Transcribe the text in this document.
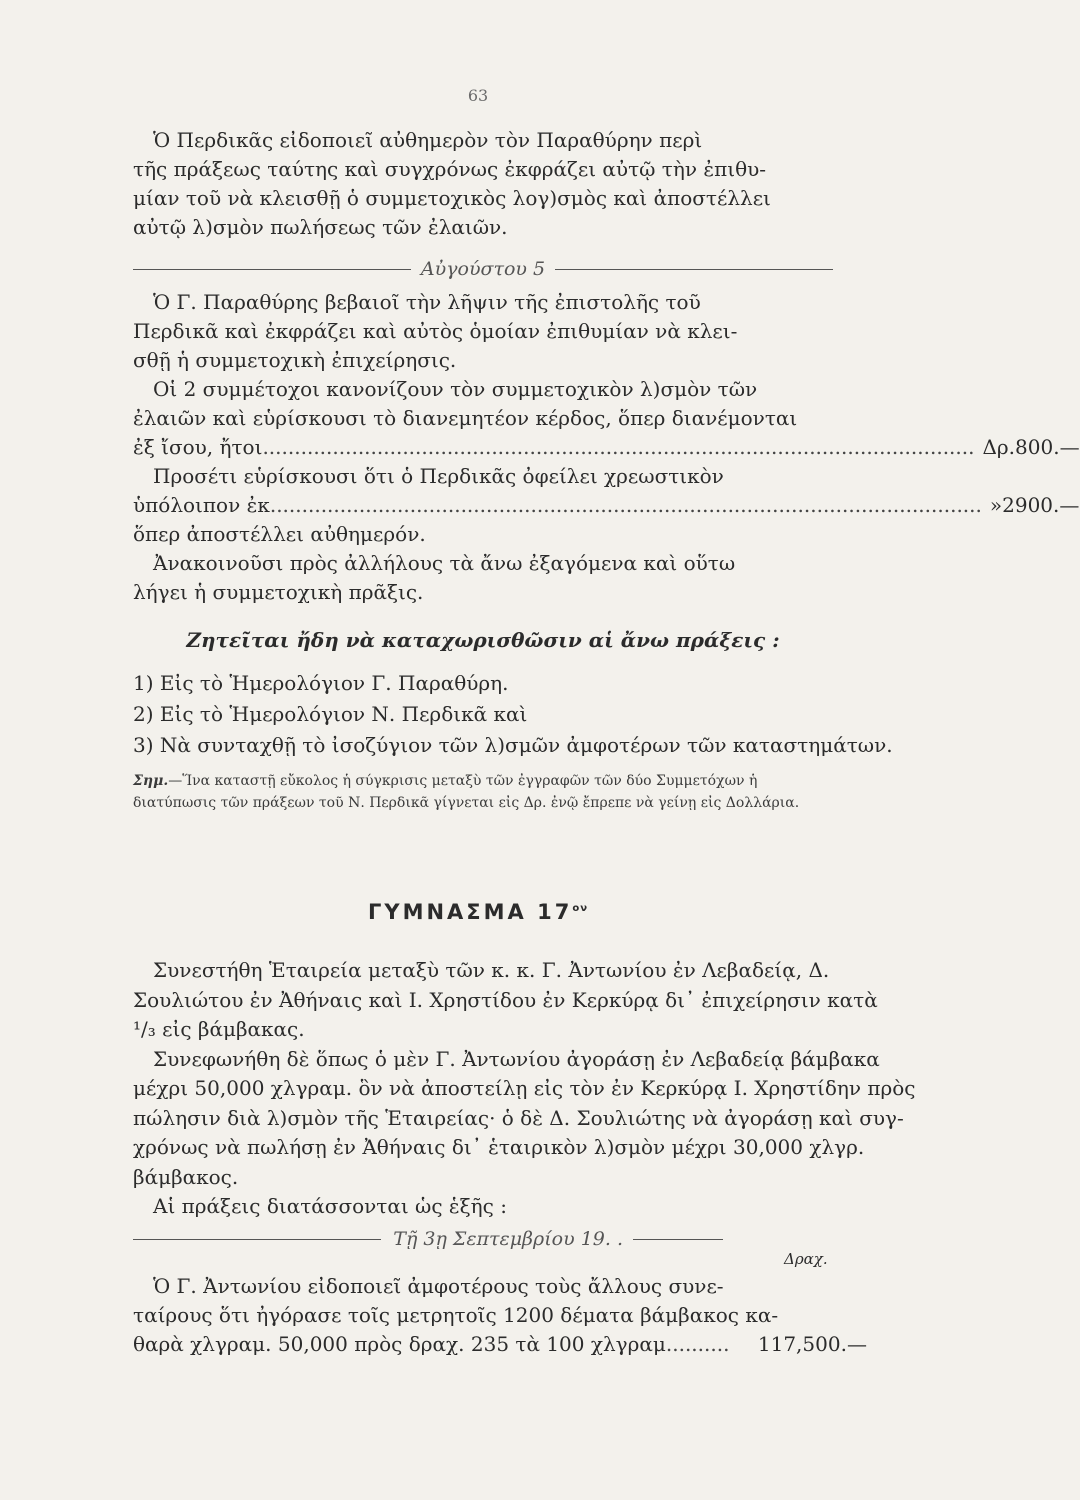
63
Ὁ Περδικᾶς εἰδοποιεῖ αὐθημερὸν τὸν Παραθύρην περὶ
τῆς πράξεως ταύτης καὶ συγχρόνως ἐκφράζει αὐτῷ τὴν ἐπιθυ-
μίαν τοῦ νὰ κλεισθῇ ὁ συμμετοχικὸς λογ)σμὸς καὶ ἀποστέλλει
αὐτῷ λ)σμὸν πωλήσεως τῶν ἐλαιῶν.
Αὐγούστου 5
Ὁ Γ. Παραθύρης βεβαιοῖ τὴν λῆψιν τῆς ἐπιστολῆς τοῦ
Περδικᾶ καὶ ἐκφράζει καὶ αὐτὸς ὁμοίαν ἐπιθυμίαν νὰ κλει-
σθῇ ἡ συμμετοχικὴ ἐπιχείρησις.
Οἱ 2 συμμέτοχοι κανονίζουν τὸν συμμετοχικὸν λ)σμὸν τῶν
ἐλαιῶν καὶ εὑρίσκουσι τὸ διανεμητέον κέρδος, ὅπερ διανέμονται
ἐξ ἴσου, ἤτοι ................................................................................................................ Δρ. 800.—
Προσέτι εὑρίσκουσι ὅτι ὁ Περδικᾶς ὀφείλει χρεωστικὸν
ὑπόλοιπον ἐκ ................................................................................................................ » 2900.—
ὅπερ ἀποστέλλει αὐθημερόν.
Ἀνακοινοῦσι πρὸς ἀλλήλους τὰ ἄνω ἐξαγόμενα καὶ οὕτω
λήγει ἡ συμμετοχικὴ πρᾶξις.
Ζητεῖται ἤδη νὰ καταχωρισθῶσιν αἱ ἄνω πράξεις :
1) Εἰς τὸ Ἡμερολόγιον Γ. Παραθύρη.
2) Εἰς τὸ Ἡμερολόγιον Ν. Περδικᾶ καὶ
3) Νὰ συνταχθῇ τὸ ἰσοζύγιον τῶν λ)σμῶν ἀμφοτέρων τῶν καταστημάτων.
Σημ.—Ἵνα καταστῇ εὔκολος ἡ σύγκρισις μεταξὺ τῶν ἐγγραφῶν τῶν δύο Συμμετόχων ἡ διατύπωσις τῶν πράξεων τοῦ Ν. Περδικᾶ γίγνεται εἰς Δρ. ἐνῷ ἔπρεπε νὰ γείνῃ εἰς Δολλάρια.
ΓΥΜΝΑΣΜΑ $17^{o\nu}$
Συνεστήθη Ἑταιρεία μεταξὺ τῶν κ. κ. Γ. Ἀντωνίου ἐν Λεβαδείᾳ, Δ.
Σουλιώτου ἐν Ἀθήναις καὶ Ι. Χρηστίδου ἐν Κερκύρᾳ δι᾽ ἐπιχείρησιν κατὰ
¹/₃ εἰς βάμβακας.
Συνεφωνήθη δὲ ὅπως ὁ μὲν Γ. Ἀντωνίου ἀγοράσῃ ἐν Λεβαδείᾳ βάμβακα
μέχρι 50,000 χλγραμ. ὃν νὰ ἀποστείλῃ εἰς τὸν ἐν Κερκύρᾳ Ι. Χρηστίδην πρὸς
πώλησιν διὰ λ)σμὸν τῆς Ἑταιρείας· ὁ δὲ Δ. Σουλιώτης νὰ ἀγοράσῃ καὶ συγ-
χρόνως νὰ πωλήσῃ ἐν Ἀθήναις δι᾽ ἑταιρικὸν λ)σμὸν μέχρι 30,000 χλγρ.
βάμβακος.
Αἱ πράξεις διατάσσονται ὡς ἑξῆς :
Τῇ 3ῃ Σεπτεμβρίου 19. .
Δραχ.
Ὁ Γ. Ἀντωνίου εἰδοποιεῖ ἀμφοτέρους τοὺς ἄλλους συνε-
ταίρους ὅτι ἠγόρασε τοῖς μετρητοῖς 1200 δέματα βάμβακος κα-
θαρὰ χλγραμ. 50,000 πρὸς δραχ. 235 τὰ 100 χλγραμ ..........	117,500.—
